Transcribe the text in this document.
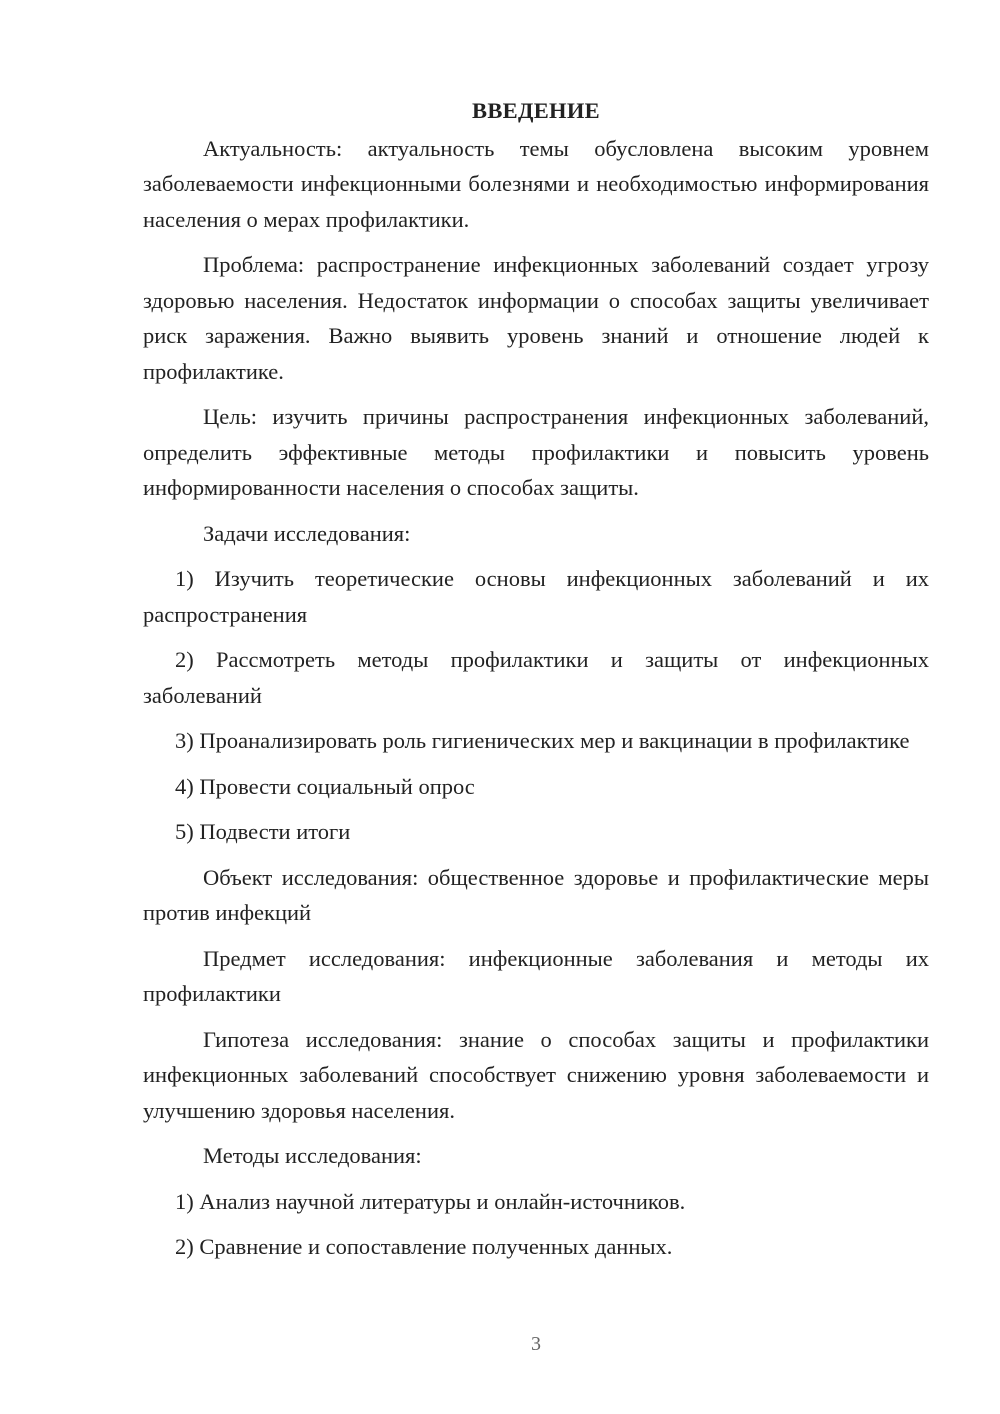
ВВЕДЕНИЕ
Актуальность: актуальность темы обусловлена высоким уровнем заболеваемости инфекционными болезнями и необходимостью информирования населения о мерах профилактики.
Проблема: распространение инфекционных заболеваний создает угрозу здоровью населения. Недостаток информации о способах защиты увеличивает риск заражения. Важно выявить уровень знаний и отношение людей к профилактике.
Цель: изучить причины распространения инфекционных заболеваний, определить эффективные методы профилактики и повысить уровень информированности населения о способах защиты.
Задачи исследования:
1) Изучить теоретические основы инфекционных заболеваний и их распространения
2) Рассмотреть методы профилактики и защиты от инфекционных заболеваний
3) Проанализировать роль гигиенических мер и вакцинации в профилактике
4) Провести социальный опрос
5) Подвести итоги
Объект исследования: общественное здоровье и профилактические меры против инфекций
Предмет исследования: инфекционные заболевания и методы их профилактики
Гипотеза исследования: знание о способах защиты и профилактики инфекционных заболеваний способствует снижению уровня заболеваемости и улучшению здоровья населения.
Методы исследования:
1) Анализ научной литературы и онлайн-источников.
2) Сравнение и сопоставление полученных данных.
3
